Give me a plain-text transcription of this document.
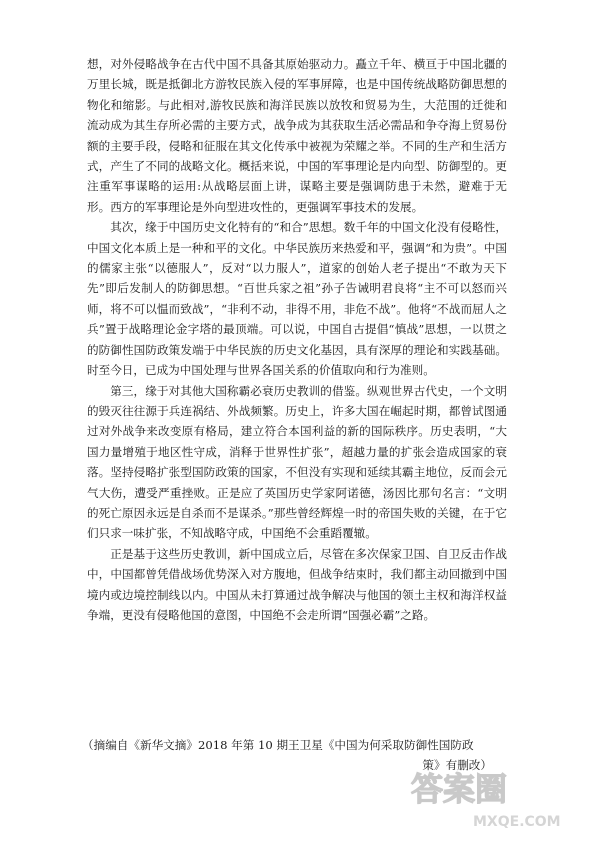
想，对外侵略战争在古代中国不具备其原始驱动力。矗立千年、横亘于中国北疆的万里长城，既是抵御北方游牧民族入侵的军事屏障，也是中国传统战略防御思想的物化和缩影。与此相对,游牧民族和海洋民族以放牧和贸易为生，大范围的迁徙和流动成为其生存所必需的主要方式，战争成为其获取生活必需品和争夺海上贸易份额的主要手段，侵略和征服在其文化传承中被视为荣耀之举。不同的生产和生活方式，产生了不同的战略文化。概括来说，中国的军事理论是内向型、防御型的。更注重军事谋略的运用:从战略层面上讲，谋略主要是强调防患于未然，避难于无形。西方的军事理论是外向型进攻性的，更强调军事技术的发展。

其次，缘于中国历史文化特有的“和合”思想。数千年的中国文化没有侵略性，中国文化本质上是一种和平的文化。中华民族历来热爱和平，强调“和为贵”。中国的儒家主张“以德服人”，反对“以力服人”，道家的创始人老子提出“不敢为天下先”即后发制人的防御思想。“百世兵家之祖”孙子告诫明君良将“主不可以怒而兴师，将不可以愠而致战”，“非利不动，非得不用，非危不战”。他将“不战而屈人之兵”置于战略理论金字塔的最顶端。可以说，中国自古提倡“慎战”思想，一以贯之的防御性国防政策发端于中华民族的历史文化基因，具有深厚的理论和实践基础。时至今日，已成为中国处理与世界各国关系的价值取向和行为准则。

第三，缘于对其他大国称霸必衰历史教训的借鉴。纵观世界古代史，一个文明的毁灭往往源于兵连祸结、外战频繁。历史上，许多大国在崛起时期，都曾试图通过对外战争来改变原有格局，建立符合本国利益的新的国际秩序。历史表明，“大国力量增殖于地区性守成，消释于世界性扩张”，超越力量的扩张会造成国家的衰落。坚持侵略扩张型国防政策的国家，不但没有实现和延续其霸主地位，反而会元气大伤，遭受严重挫败。正是应了英国历史学家阿诺德，汤因比那句名言：“文明的死亡原因永远是自杀而不是谋杀。”那些曾经辉煌一时的帝国失败的关键，在于它们只求一味扩张，不知战略守成，中国绝不会重蹈覆辙。

正是基于这些历史教训，新中国成立后，尽管在多次保家卫国、自卫反击作战中，中国都曾凭借战场优势深入对方腹地，但战争结束时，我们都主动回撤到中国境内或边境控制线以内。中国从未打算通过战争解决与他国的领土主权和海洋权益争端，更没有侵略他国的意图，中国绝不会走所谓“国强必霸”之路。

（摘编自《新华文摘》2018 年第 10 期王卫星《中国为何采取防御性国防政
策》有删改）

答案圈
MXQE.COM
